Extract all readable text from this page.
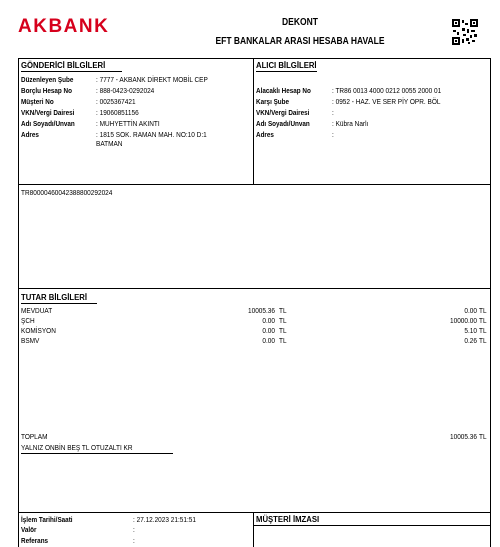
AKBANK	DEKONT
EFT BANKALAR ARASI HESABA HAVALE
GÖNDERİCİ BİLGİLERİ
Düzenleyen Şube	: 7777 - AKBANK DİREKT MOBİL CEP
Borçlu Hesap No	: 888-0423-0292024
Müşteri No	: 0025367421
VKN/Vergi Dairesi	: 19060851156
Adı Soyadı/Unvan	: MUHYETTİN AKINTI
Adres	: 1815 SOK. RAMAN MAH. NO:10 D:1
BATMAN
ALICI BİLGİLERİ
Alacaklı Hesap No	: TR86 0013 4000 0212 0055 2000 01
Karşı Şube	: 0952 - HAZ. VE SER PİY OPR. BÖL
VKN/Vergi Dairesi	:
Adı Soyadı/Unvan	: Kübra Narlı
Adres	:
TR80000460042388800292024
TUTAR BİLGİLERİ
MEVDUAT	10005.36 TL	0.00 TL
ŞCH	0.00 TL	10000.00 TL
KOMİSYON	0.00 TL	5.10 TL
BSMV	0.00 TL	0.26 TL
TOPLAM	10005.36 TL
YALNIZ ONBİN BEŞ TL OTUZALTI KR
İşlem Tarihi/Saati	: 27.12.2023 21:51:51
Valör	:
Referans	:
MÜŞTERİ İMZASI
